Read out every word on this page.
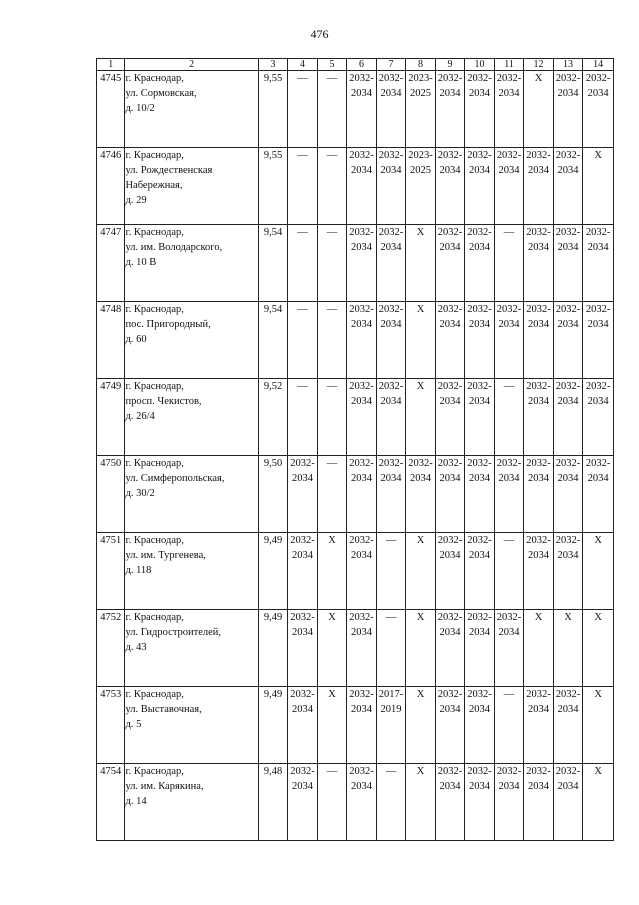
476
1	2	3	4	5	6	7	8	9	10	11	12	13	14
4745	г. Краснодар,
ул. Сормовская,
д. 10/2	9,55	—	—	2032-
2034	2032-
2034	2023-
2025	2032-
2034	2032-
2034	2032-
2034	Х	2032-
2034	2032-
2034
4746	г. Краснодар,
ул. Рождественская
Набережная,
д. 29	9,55	—	—	2032-
2034	2032-
2034	2023-
2025	2032-
2034	2032-
2034	2032-
2034	2032-
2034	2032-
2034	Х
4747	г. Краснодар,
ул. им. Володарского,
д. 10 В	9,54	—	—	2032-
2034	2032-
2034	Х	2032-
2034	2032-
2034	—	2032-
2034	2032-
2034	2032-
2034
4748	г. Краснодар,
пос. Пригородный,
д. 60	9,54	—	—	2032-
2034	2032-
2034	Х	2032-
2034	2032-
2034	2032-
2034	2032-
2034	2032-
2034	2032-
2034
4749	г. Краснодар,
просп. Чекистов,
д. 26/4	9,52	—	—	2032-
2034	2032-
2034	Х	2032-
2034	2032-
2034	—	2032-
2034	2032-
2034	2032-
2034
4750	г. Краснодар,
ул. Симферопольская,
д. 30/2	9,50	2032-
2034	—	2032-
2034	2032-
2034	2032-
2034	2032-
2034	2032-
2034	2032-
2034	2032-
2034	2032-
2034	2032-
2034
4751	г. Краснодар,
ул. им. Тургенева,
д. 118	9,49	2032-
2034	Х	2032-
2034	—	Х	2032-
2034	2032-
2034	—	2032-
2034	2032-
2034	Х
4752	г. Краснодар,
ул. Гидростроителей,
д. 43	9,49	2032-
2034	Х	2032-
2034	—	Х	2032-
2034	2032-
2034	2032-
2034	Х	Х	Х
4753	г. Краснодар,
ул. Выставочная,
д. 5	9,49	2032-
2034	Х	2032-
2034	2017-
2019	Х	2032-
2034	2032-
2034	—	2032-
2034	2032-
2034	Х
4754	г. Краснодар,
ул. им. Карякина,
д. 14	9,48	2032-
2034	—	2032-
2034	—	Х	2032-
2034	2032-
2034	2032-
2034	2032-
2034	2032-
2034	Х
